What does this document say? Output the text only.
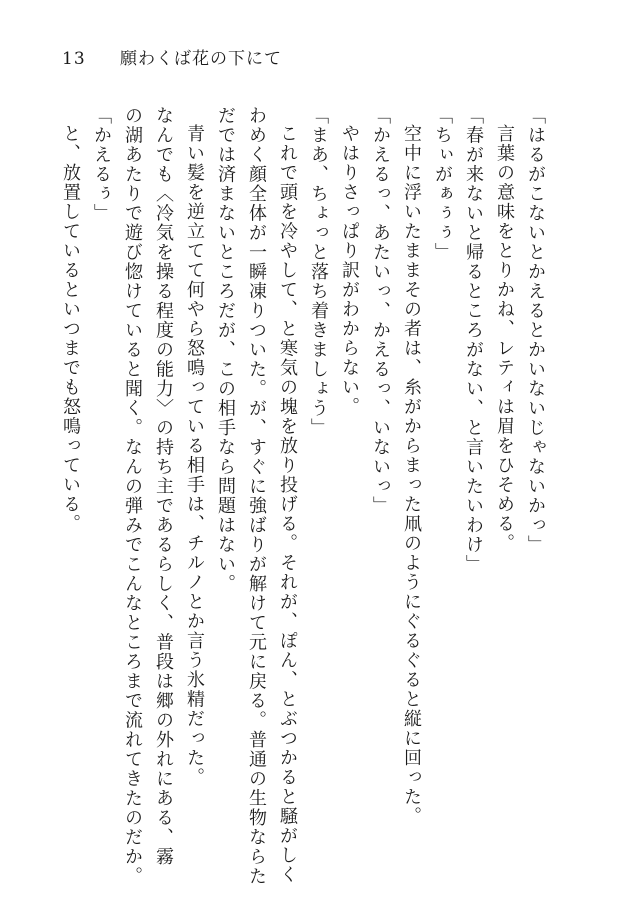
13 願わくば花の下にて

「はるがこないとかえるとかいないじゃないかっ」

言葉の意味をとりかね、レティは眉をひそめる。

「春が来ないと帰るところがない、と言いたいわけ」

「ちぃがぁぅぅ」

空中に浮いたままその者は、糸がからまった凧のようにぐるぐると縦に回った。

「かえるっ、あたいっ、かえるっ、いないっ」

やはりさっぱり訳がわからない。

「まあ、ちょっと落ち着きましょう」

これで頭を冷やして、と寒気の塊を放り投げる。それが、ぽん、とぶつかると騒がしく

わめく顔全体が一瞬凍りついた。が、すぐに強ばりが解けて元に戻る。普通の生物ならた

だでは済まないところだが、この相手なら問題はない。

青い髪を逆立てて何やら怒鳴っている相手は、チルノとか言う氷精だった。

なんでも〈冷気を操る程度の能力〉の持ち主であるらしく、普段は郷の外れにある、霧

の湖あたりで遊び惚けていると聞く。なんの弾みでこんなところまで流れてきたのだか。

「かえるぅ」

と、放置しているといつまでも怒鳴っている。
